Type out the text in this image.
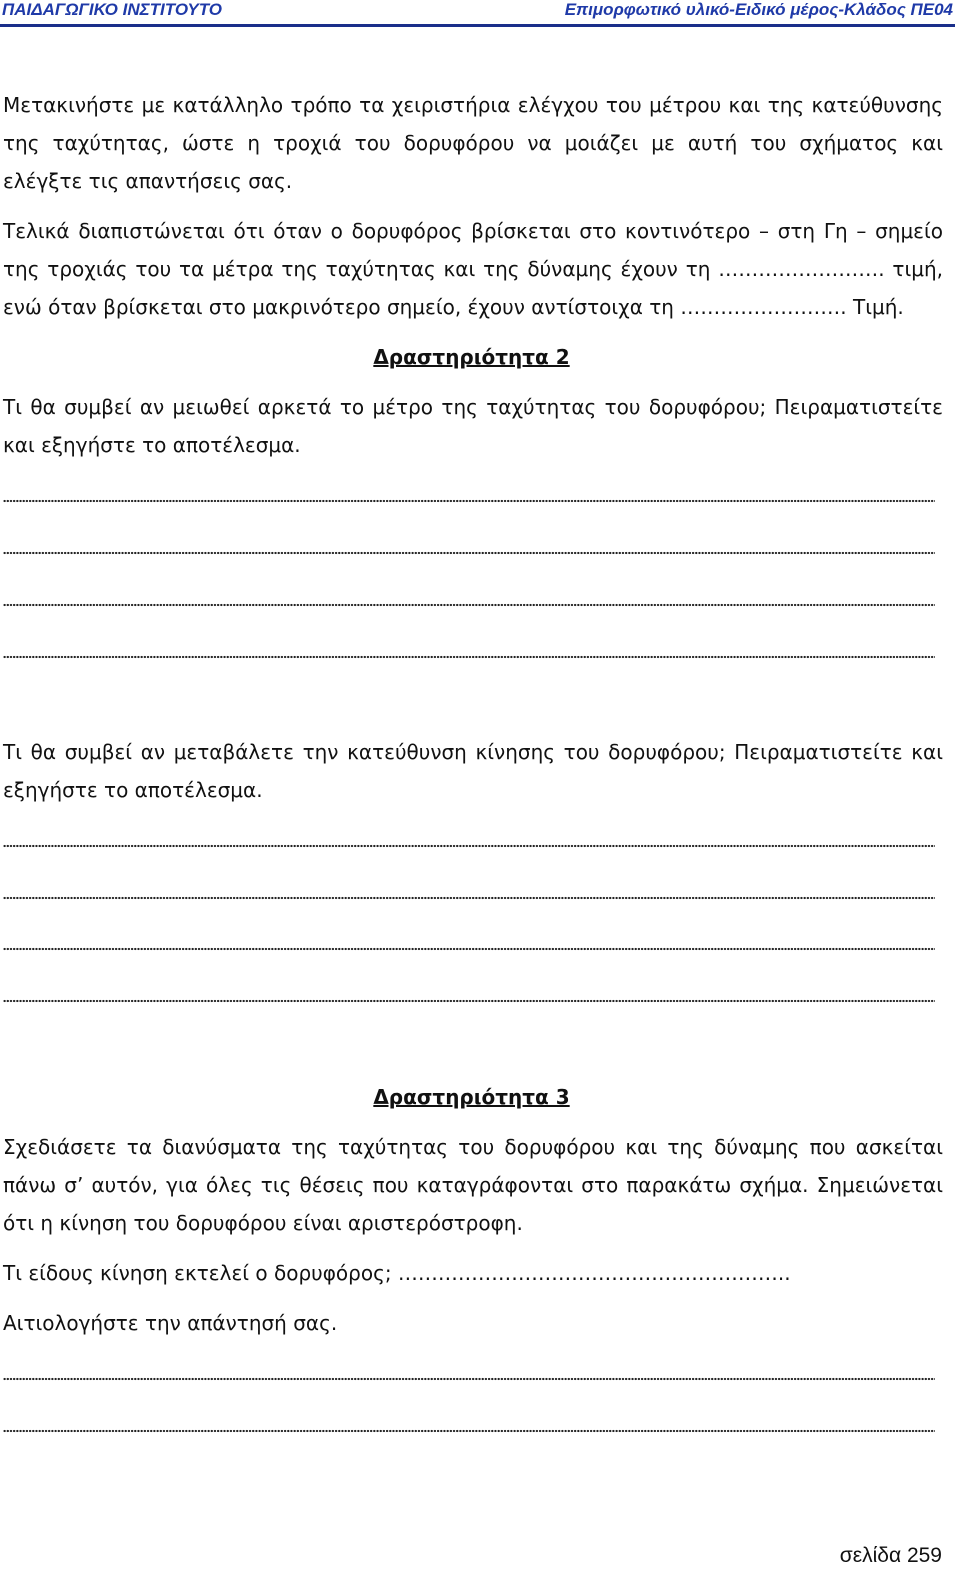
ΠΑΙΔΑΓΩΓΙΚΟ ΙΝΣΤΙΤΟΥΤΟ	Επιμορφωτικό υλικό-Ειδικό μέρος-Κλάδος ΠΕ04
Μετακινήστε με κατάλληλο τρόπο τα χειριστήρια ελέγχου του μέτρου και της κατεύθυνσης
της ταχύτητας, ώστε η τροχιά του δορυφόρου να μοιάζει με αυτή του σχήματος και
ελέγξτε τις απαντήσεις σας.
Τελικά διαπιστώνεται ότι όταν ο δορυφόρος βρίσκεται στο κοντινότερο – στη Γη – σημείο
της τροχιάς του τα μέτρα της ταχύτητας και της δύναμης έχουν τη ……………………. τιμή,
ενώ όταν βρίσκεται στο μακρινότερο σημείο, έχουν αντίστοιχα τη ……………………. Τιμή.
Δραστηριότητα 2
Τι θα συμβεί αν μειωθεί αρκετά το μέτρο της ταχύτητας του δορυφόρου; Πειραματιστείτε
και εξηγήστε το αποτέλεσμα.
Τι θα συμβεί αν μεταβάλετε την κατεύθυνση κίνησης του δορυφόρου; Πειραματιστείτε και
εξηγήστε το αποτέλεσμα.
Δραστηριότητα 3
Σχεδιάσετε τα διανύσματα της ταχύτητας του δορυφόρου και της δύναμης που ασκείται
πάνω σ’ αυτόν, για όλες τις θέσεις που καταγράφονται στο παρακάτω σχήμα. Σημειώνεται
ότι η κίνηση του δορυφόρου είναι αριστερόστροφη.
Τι είδους κίνηση εκτελεί ο δορυφόρος; …………………………………………………..
Αιτιολογήστε την απάντησή σας.
σελίδα 259
